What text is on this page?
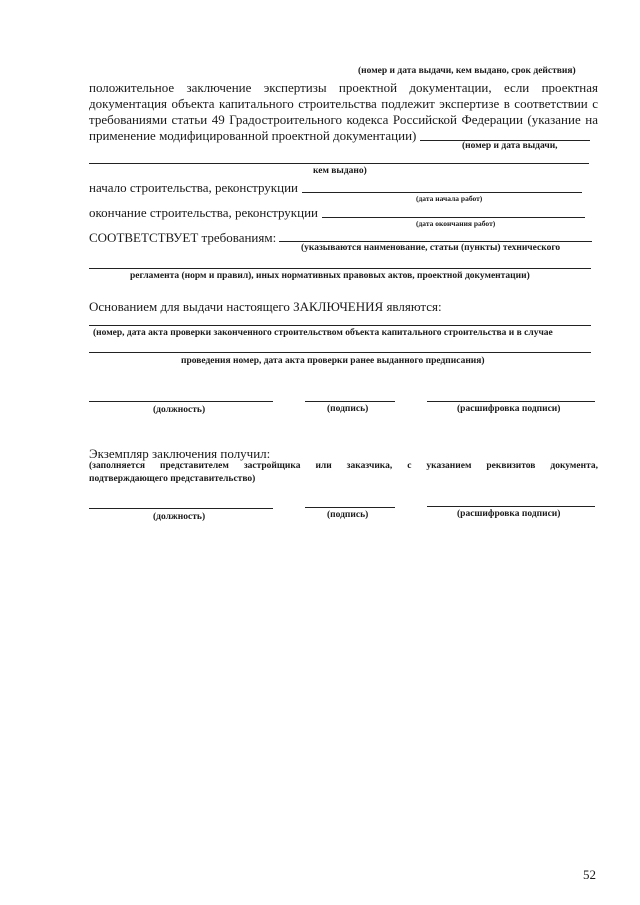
(номер и дата выдачи, кем выдано, срок действия)
положительное заключение экспертизы проектной документации, если проектная
документация объекта капитального строительства подлежит экспертизе в соответствии с
требованиями статьи 49 Градостроительного кодекса Российской Федерации (указание на
применение модифицированной проектной документации)
(номер и дата выдачи,
кем выдано)
начало строительства, реконструкции
(дата начала работ)
окончание строительства, реконструкции
(дата окончания работ)
СООТВЕТСТВУЕТ требованиям:
(указываются наименование, статьи (пункты) технического
регламента (норм и правил), иных нормативных правовых актов, проектной документации)
Основанием для выдачи настоящего ЗАКЛЮЧЕНИЯ являются:
(номер, дата акта проверки законченного строительством объекта капитального строительства и в случае
проведения номер, дата акта проверки ранее выданного предписания)
(должность)	(подпись)	(расшифровка подписи)
Экземпляр заключения получил:
(заполняется представителем застройщика или заказчика, с указанием реквизитов документа,
подтверждающего представительство)
(должность)	(подпись)	(расшифровка подписи)
52
